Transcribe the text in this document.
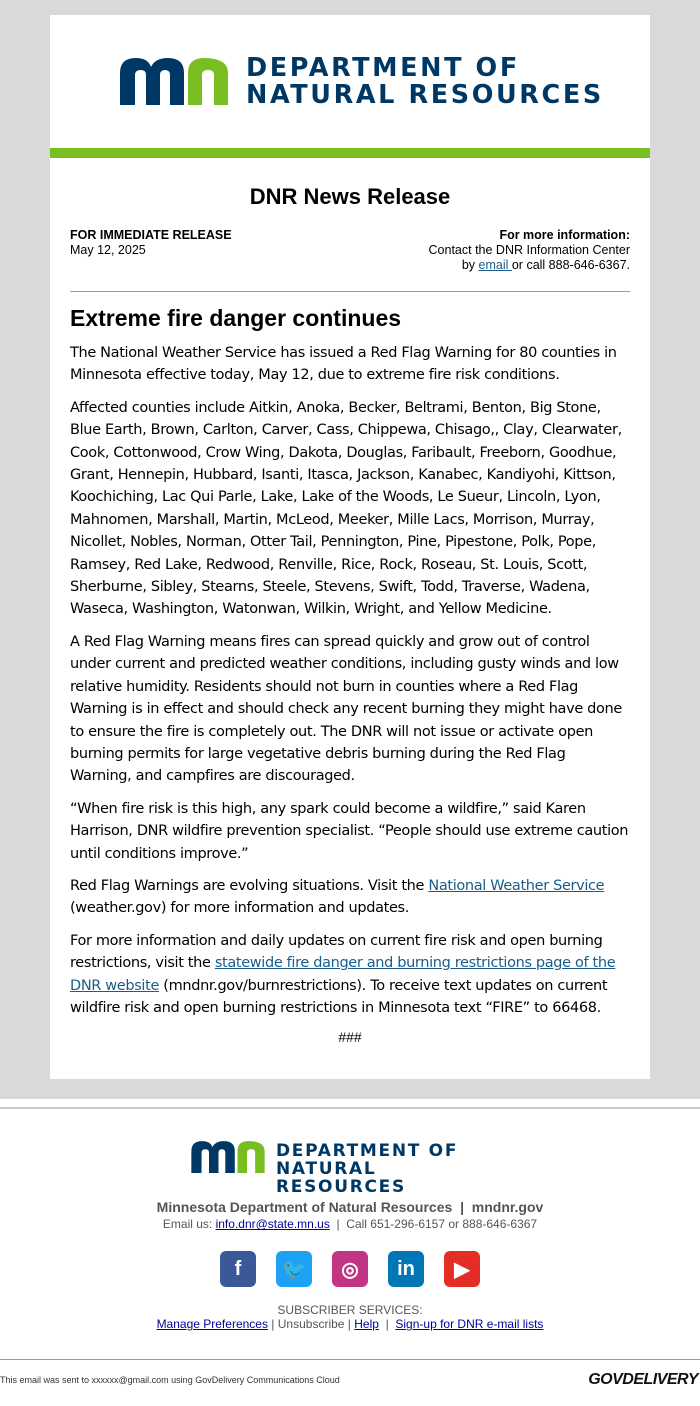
DEPARTMENT OF
NATURAL RESOURCES
DNR News Release
FOR IMMEDIATE RELEASE
May 12, 2025
For more information:
Contact the DNR Information Center
by email or call 888-646-6367.
Extreme fire danger continues

The National Weather Service has issued a Red Flag Warning for 80 counties in Minnesota effective today, May 12, due to extreme fire risk conditions.

Affected counties include Aitkin, Anoka, Becker, Beltrami, Benton, Big Stone, Blue Earth, Brown, Carlton, Carver, Cass, Chippewa, Chisago,, Clay, Clearwater, Cook, Cottonwood, Crow Wing, Dakota, Douglas, Faribault, Freeborn, Goodhue, Grant, Hennepin, Hubbard, Isanti, Itasca, Jackson, Kanabec, Kandiyohi, Kittson, Koochiching, Lac Qui Parle, Lake, Lake of the Woods, Le Sueur, Lincoln, Lyon, Mahnomen, Marshall, Martin, McLeod, Meeker, Mille Lacs, Morrison, Murray, Nicollet, Nobles, Norman, Otter Tail, Pennington, Pine, Pipestone, Polk, Pope, Ramsey, Red Lake, Redwood, Renville, Rice, Rock, Roseau, St. Louis, Scott, Sherburne, Sibley, Stearns, Steele, Stevens, Swift, Todd, Traverse, Wadena, Waseca, Washington, Watonwan, Wilkin, Wright, and Yellow Medicine.

A Red Flag Warning means fires can spread quickly and grow out of control under current and predicted weather conditions, including gusty winds and low relative humidity. Residents should not burn in counties where a Red Flag Warning is in effect and should check any recent burning they might have done to ensure the fire is completely out. The DNR will not issue or activate open burning permits for large vegetative debris burning during the Red Flag Warning, and campfires are discouraged.

“When fire risk is this high, any spark could become a wildfire,” said Karen Harrison, DNR wildfire prevention specialist. “People should use extreme caution until conditions improve.”

Red Flag Warnings are evolving situations. Visit the National Weather Service (weather.gov) for more information and updates.

For more information and daily updates on current fire risk and open burning restrictions, visit the statewide fire danger and burning restrictions page of the DNR website (mndnr.gov/burnrestrictions). To receive text updates on current wildfire risk and open burning restrictions in Minnesota text “FIRE” to 66468.

###
DEPARTMENT OF
NATURAL RESOURCES
Minnesota Department of Natural Resources  |  mndnr.gov
Email us: info.dnr@state.mn.us  |  Call 651-296-6157 or 888-646-6367
f	🐦	◎	in	▶
SUBSCRIBER SERVICES:
Manage Preferences | Unsubscribe | Help  |  Sign-up for DNR e-mail lists
This email was sent to xxxxxx@gmail.com using GovDelivery Communications Cloud	GOVDELIVERY
